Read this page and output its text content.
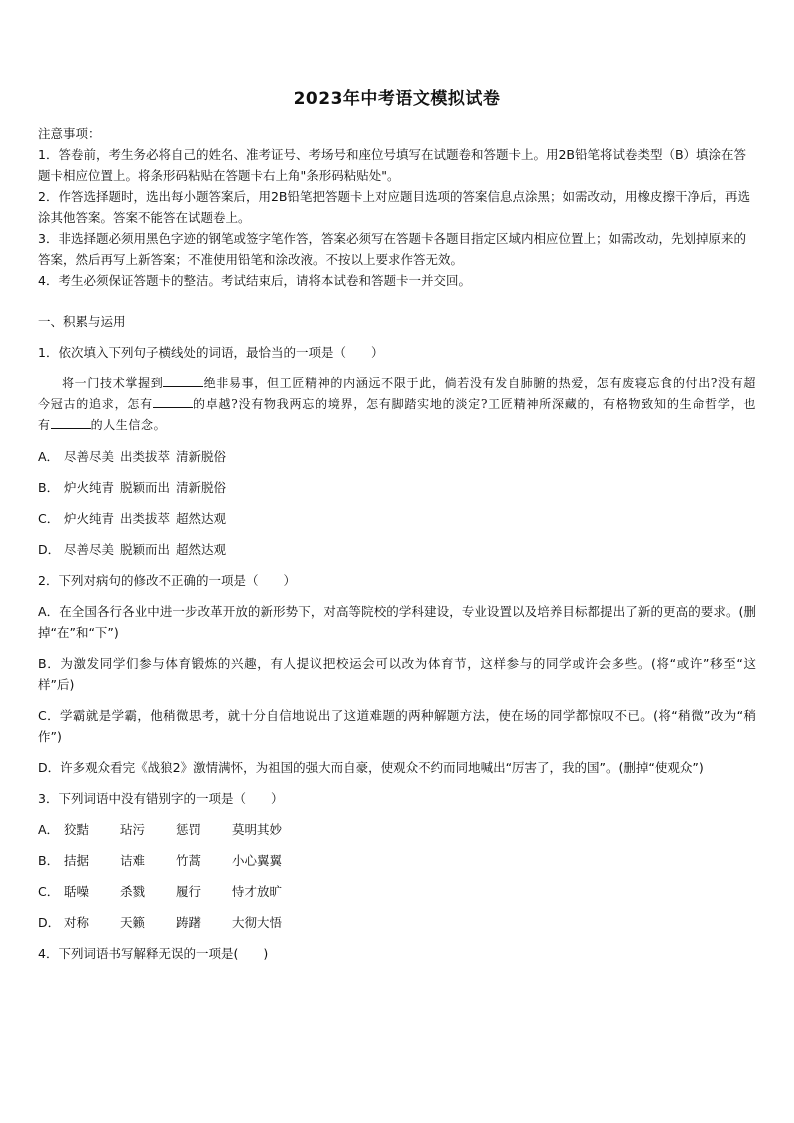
2023年中考语文模拟试卷

注意事项：

1．答卷前，考生务必将自己的姓名、准考证号、考场号和座位号填写在试题卷和答题卡上。用2B铅笔将试卷类型（B）填涂在答题卡相应位置上。将条形码粘贴在答题卡右上角"条形码粘贴处"。

2．作答选择题时，选出每小题答案后，用2B铅笔把答题卡上对应题目选项的答案信息点涂黑；如需改动，用橡皮擦干净后，再选涂其他答案。答案不能答在试题卷上。

3．非选择题必须用黑色字迹的钢笔或签字笔作答，答案必须写在答题卡各题目指定区域内相应位置上；如需改动，先划掉原来的答案，然后再写上新答案；不准使用铅笔和涂改液。不按以上要求作答无效。

4．考生必须保证答题卡的整洁。考试结束后，请将本试卷和答题卡一并交回。

一、积累与运用
1．依次填入下列句子横线处的词语，最恰当的一项是（　　）
将一门技术掌握到	绝非易事，但工匠精神的内涵远不限于此，倘若没有发自肺腑的热爱，怎有废寝忘食的付出?没有超今冠古的追求，怎有	的卓越?没有物我两忘的境界，怎有脚踏实地的淡定?工匠精神所深藏的，有格物致知的生命哲学，也有	的人生信念。
A． 尽善尽美 出类拔萃 清新脱俗
B． 炉火纯青 脱颖而出 清新脱俗
C． 炉火纯青 出类拔萃 超然达观
D． 尽善尽美 脱颖而出 超然达观
2．下列对病句的修改不正确的一项是（　　）
A．在全国各行各业中进一步改革开放的新形势下，对高等院校的学科建设，专业设置以及培养目标都提出了新的更高的要求。(删掉“在”和“下”)
B．为激发同学们参与体育锻炼的兴趣，有人提议把校运会可以改为体育节，这样参与的同学或许会多些。(将“或许”移至“这样”后)
C．学霸就是学霸，他稍微思考，就十分自信地说出了这道难题的两种解题方法，使在场的同学都惊叹不已。(将“稍微”改为“稍作”)
D．许多观众看完《战狼2》激情满怀，为祖国的强大而自豪，使观众不约而同地喊出“厉害了，我的国”。(删掉“使观众”)
3．下列词语中没有错别字的一项是（　　）
A． 狡黠	玷污	惩罚	莫明其妙
B． 拮据	诘难	竹蒿	小心翼翼
C． 聒噪	杀戮	履行	恃才放旷
D． 对称	天籁	踌躇	大彻大悟
4．下列词语书写解释无误的一项是(　　)
